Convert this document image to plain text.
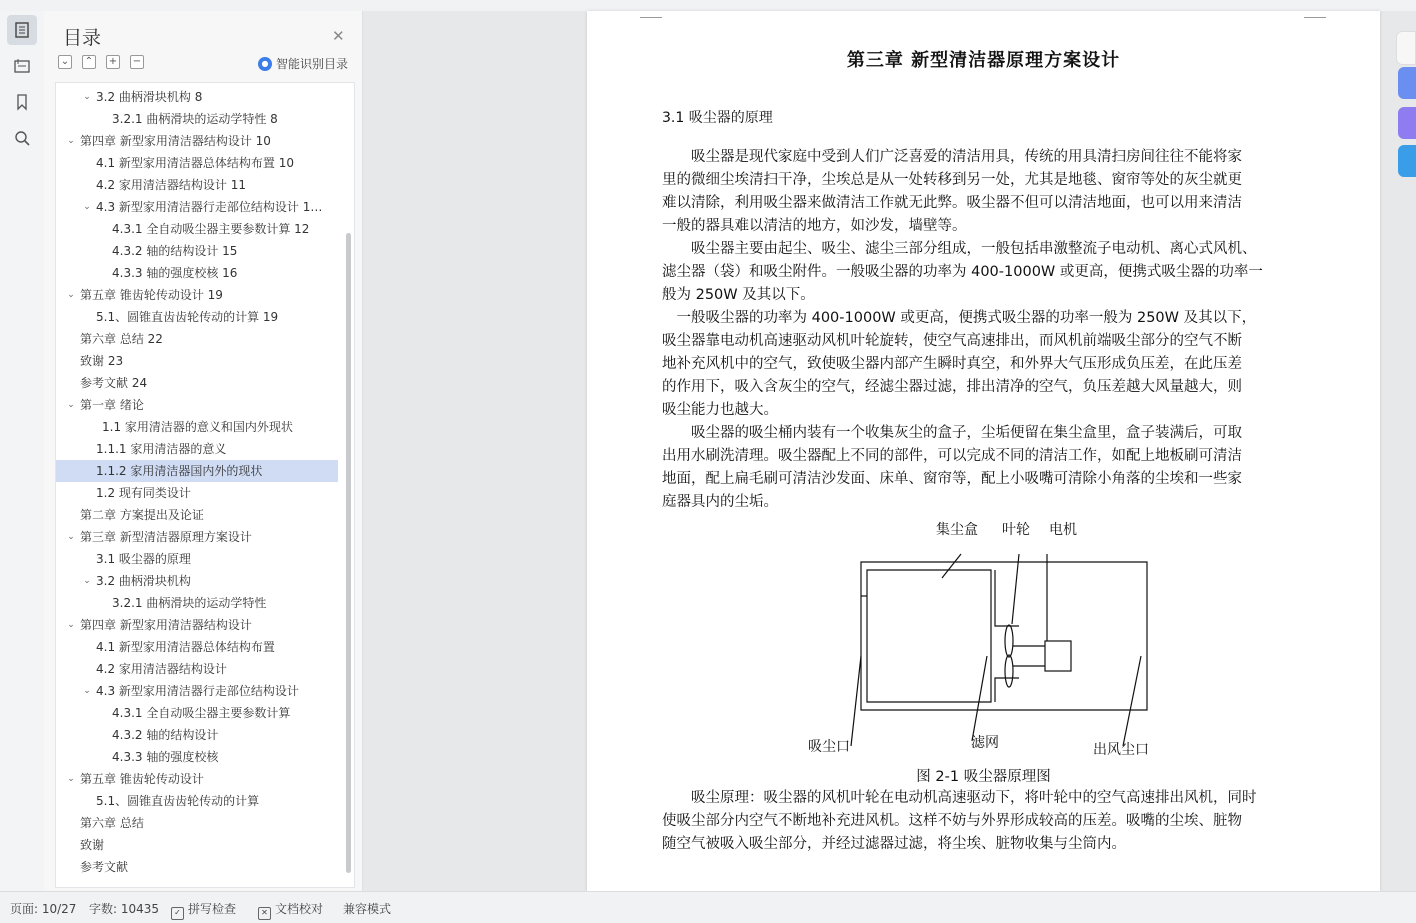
目录	✕
⌄ ⌃ + −	● 智能识别目录
⌄ 3.2 曲柄滑块机构 8
3.2.1 曲柄滑块的运动学特性 8
⌄ 第四章 新型家用清洁器结构设计 10
4.1 新型家用清洁器总体结构布置 10
4.2 家用清洁器结构设计 11
⌄ 4.3 新型家用清洁器行走部位结构设计 1…
4.3.1 全自动吸尘器主要参数计算 12
4.3.2 轴的结构设计 15
4.3.3 轴的强度校核 16
⌄ 第五章 锥齿轮传动设计 19
5.1、圆锥直齿齿轮传动的计算 19
第六章 总结 22
致谢 23
参考文献 24
⌄ 第一章 绪论
1.1 家用清洁器的意义和国内外现状
1.1.1 家用清洁器的意义
1.1.2 家用清洁器国内外的现状
1.2 现有同类设计
第二章 方案提出及论证
⌄ 第三章 新型清洁器原理方案设计
3.1 吸尘器的原理
⌄ 3.2 曲柄滑块机构
3.2.1 曲柄滑块的运动学特性
⌄ 第四章 新型家用清洁器结构设计
4.1 新型家用清洁器总体结构布置
4.2 家用清洁器结构设计
⌄ 4.3 新型家用清洁器行走部位结构设计
4.3.1 全自动吸尘器主要参数计算
4.3.2 轴的结构设计
4.3.3 轴的强度校核
⌄ 第五章 锥齿轮传动设计
5.1、圆锥直齿齿轮传动的计算
第六章 总结
致谢
参考文献
第三章 新型清洁器原理方案设计
3.1 吸尘器的原理
　　吸尘器是现代家庭中受到人们广泛喜爱的清洁用具，传统的用具清扫房间往往不能将家
里的微细尘埃清扫干净，尘埃总是从一处转移到另一处，尤其是地毯、窗帘等处的灰尘就更
难以清除，利用吸尘器来做清洁工作就无此弊。吸尘器不但可以清洁地面，也可以用来清洁
一般的器具难以清洁的地方，如沙发，墙壁等。
　　吸尘器主要由起尘、吸尘、滤尘三部分组成，一般包括串激整流子电动机、离心式风机、
滤尘器（袋）和吸尘附件。一般吸尘器的功率为 400-1000W 或更高，便携式吸尘器的功率一
般为 250W 及其以下。
　一般吸尘器的功率为 400-1000W 或更高，便携式吸尘器的功率一般为 250W 及其以下，
吸尘器靠电动机高速驱动风机叶轮旋转，使空气高速排出，而风机前端吸尘部分的空气不断
地补充风机中的空气，致使吸尘器内部产生瞬时真空，和外界大气压形成负压差，在此压差
的作用下，吸入含灰尘的空气，经滤尘器过滤，排出清净的空气，负压差越大风量越大，则
吸尘能力也越大。
　　吸尘器的吸尘桶内装有一个收集灰尘的盒子，尘垢便留在集尘盒里，盒子装满后，可取
出用水刷洗清理。吸尘器配上不同的部件，可以完成不同的清洁工作，如配上地板刷可清洁
地面，配上扁毛刷可清洁沙发面、床单、窗帘等，配上小吸嘴可清除小角落的尘埃和一些家
庭器具内的尘垢。
集尘盒 叶轮 电机
吸尘口	滤网	出风尘口
图 2-1 吸尘器原理图
　　吸尘原理：吸尘器的风机叶轮在电动机高速驱动下，将叶轮中的空气高速排出风机，同时
使吸尘部分内空气不断地补充进风机。这样不妨与外界形成较高的压差。吸嘴的尘埃、脏物
随空气被吸入吸尘部分，并经过滤器过滤，将尘埃、脏物收集与尘筒内。
页面: 10/27 字数: 10435	✓ 拼写检查	✕ 文档校对 兼容模式
